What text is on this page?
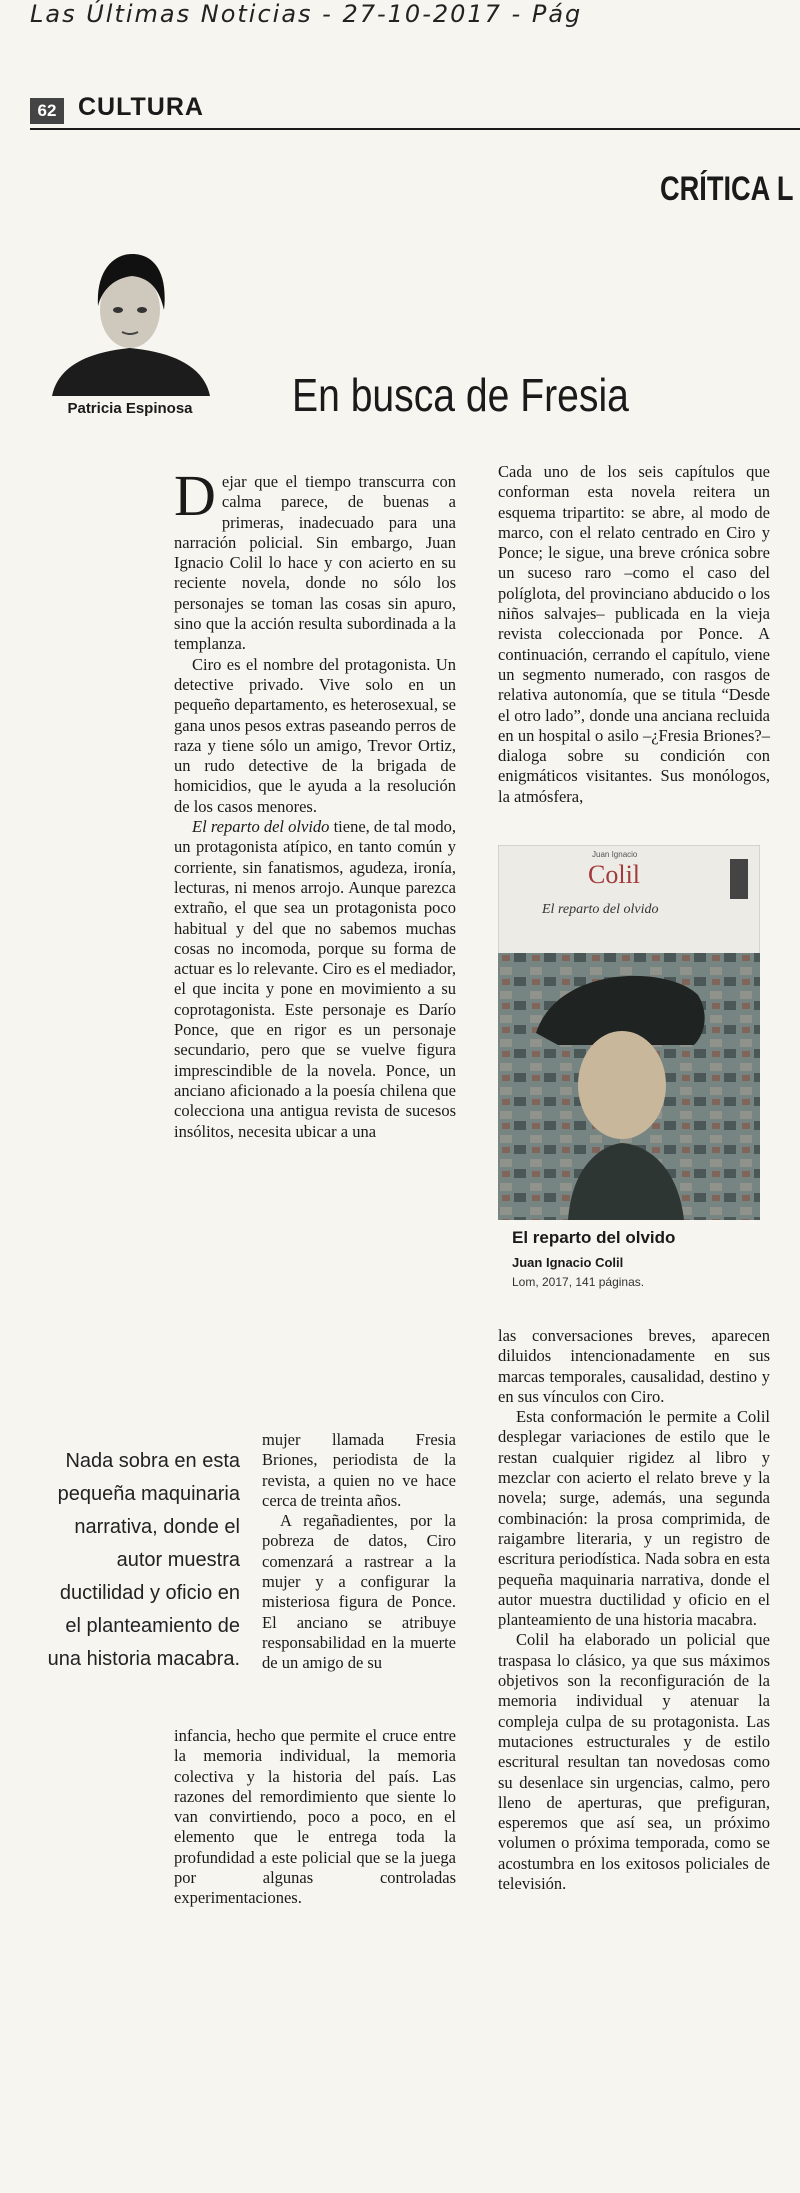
Las Últimas Noticias - 27-10-2017 - Pág
62 CULTURA
CRÍTICA L
Patricia Espinosa	En busca de Fresia

Dejar que el tiempo transcurra con calma parece, de buenas a primeras, inadecuado para una narración policial. Sin embargo, Juan Ignacio Colil lo hace y con acierto en su reciente novela, donde no sólo los personajes se toman las cosas sin apuro, sino que la acción resulta subordinada a la templanza.

Ciro es el nombre del protagonista. Un detective privado. Vive solo en un pequeño departamento, es heterosexual, se gana unos pesos extras paseando perros de raza y tiene sólo un amigo, Trevor Ortiz, un rudo detective de la brigada de homicidios, que le ayuda a la resolución de los casos menores.

El reparto del olvido tiene, de tal modo, un protagonista atípico, en tanto común y corriente, sin fanatismos, agudeza, ironía, lecturas, ni menos arrojo. Aunque parezca extraño, el que sea un protagonista poco habitual y del que no sabemos muchas cosas no incomoda, porque su forma de actuar es lo relevante. Ciro es el mediador, el que incita y pone en movimiento a su coprotagonista. Este personaje es Darío Ponce, que en rigor es un personaje secundario, pero que se vuelve figura imprescindible de la novela. Ponce, un anciano aficionado a la poesía chilena que colecciona una antigua revista de sucesos insólitos, necesita ubicar a una

Nada sobra en esta pequeña maquinaria narrativa, donde el autor muestra ductilidad y oficio en el planteamiento de una historia macabra.

mujer llamada Fresia Briones, periodista de la revista, a quien no ve hace cerca de treinta años.

A regañadientes, por la pobreza de datos, Ciro comenzará a rastrear a la mujer y a configurar la misteriosa figura de Ponce. El anciano se atribuye responsabilidad en la muerte de un amigo de su

infancia, hecho que permite el cruce entre la memoria individual, la memoria colectiva y la historia del país. Las razones del remordimiento que siente lo van convirtiendo, poco a poco, en el elemento que le entrega toda la profundidad a este policial que se la juega por algunas controladas experimentaciones.

Cada uno de los seis capítulos que conforman esta novela reitera un esquema tripartito: se abre, al modo de marco, con el relato centrado en Ciro y Ponce; le sigue, una breve crónica sobre un suceso raro –como el caso del políglota, del provinciano abducido o los niños salvajes– publicada en la vieja revista coleccionada por Ponce. A continuación, cerrando el capítulo, viene un segmento numerado, con rasgos de relativa autonomía, que se titula “Desde el otro lado”, donde una anciana recluida en un hospital o asilo –¿Fresia Briones?– dialoga sobre su condición con enigmáticos visitantes. Sus monólogos, la atmósfera,

Juan Ignacio
Colil
El reparto del olvido
El reparto del olvido
Juan Ignacio Colil
Lom, 2017, 141 páginas.

las conversaciones breves, aparecen diluidos intencionadamente en sus marcas temporales, causalidad, destino y en sus vínculos con Ciro.

Esta conformación le permite a Colil desplegar variaciones de estilo que le restan cualquier rigidez al libro y mezclar con acierto el relato breve y la novela; surge, además, una segunda combinación: la prosa comprimida, de raigambre literaria, y un registro de escritura periodística. Nada sobra en esta pequeña maquinaria narrativa, donde el autor muestra ductilidad y oficio en el planteamiento de una historia macabra.

Colil ha elaborado un policial que traspasa lo clásico, ya que sus máximos objetivos son la reconfiguración de la memoria individual y atenuar la compleja culpa de su protagonista. Las mutaciones estructurales y de estilo escritural resultan tan novedosas como su desenlace sin urgencias, calmo, pero lleno de aperturas, que prefiguran, esperemos que así sea, un próximo volumen o próxima temporada, como se acostumbra en los exitosos policiales de televisión.
